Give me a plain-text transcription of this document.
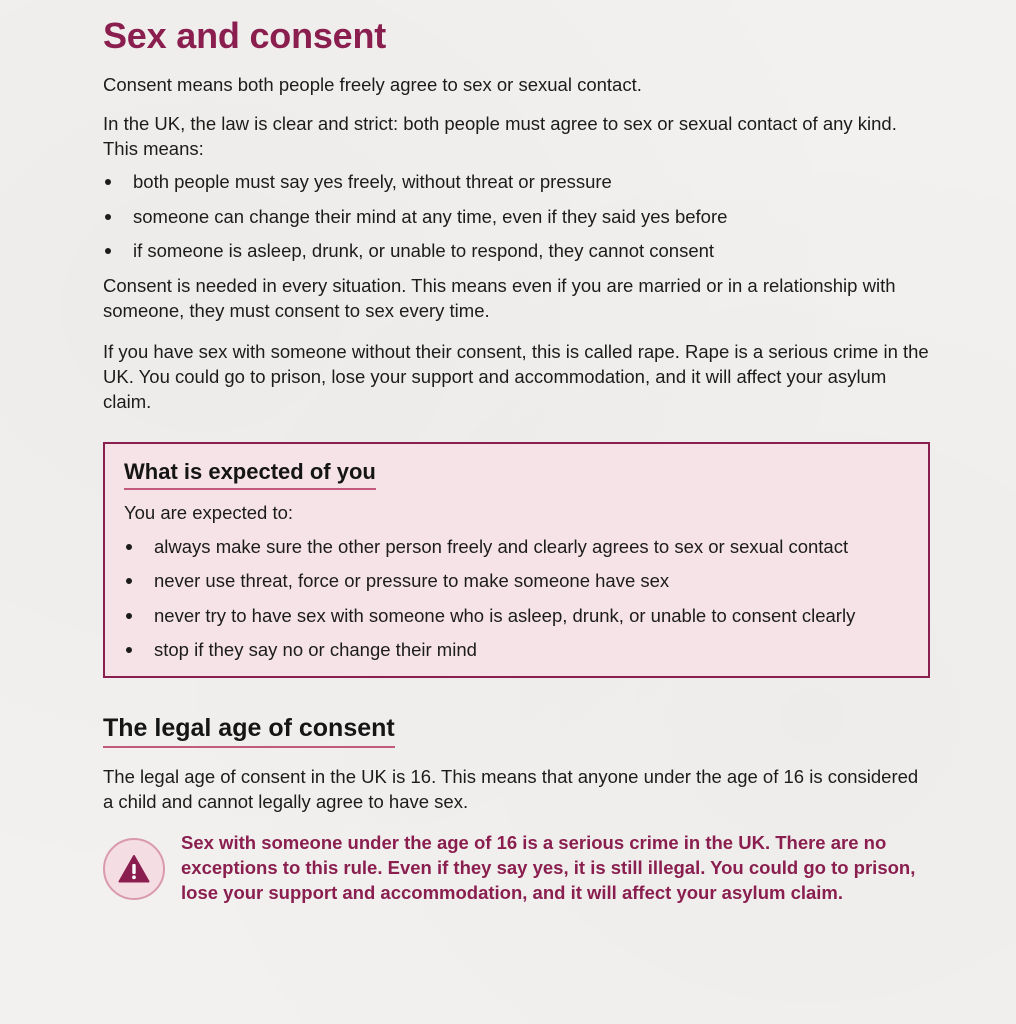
Sex and consent

Consent means both people freely agree to sex or sexual contact.

In the UK, the law is clear and strict: both people must agree to sex or sexual contact of any kind. This means:

both people must say yes freely, without threat or pressure
someone can change their mind at any time, even if they said yes before
if someone is asleep, drunk, or unable to respond, they cannot consent

Consent is needed in every situation. This means even if you are married or in a relationship with someone, they must consent to sex every time.

If you have sex with someone without their consent, this is called rape. Rape is a serious crime in the UK. You could go to prison, lose your support and accommodation, and it will affect your asylum claim.

What is expected of you

You are expected to:

always make sure the other person freely and clearly agrees to sex or sexual contact
never use threat, force or pressure to make someone have sex
never try to have sex with someone who is asleep, drunk, or unable to consent clearly
stop if they say no or change their mind
The legal age of consent

The legal age of consent in the UK is 16. This means that anyone under the age of 16 is considered a child and cannot legally agree to have sex.

Sex with someone under the age of 16 is a serious crime in the UK. There are no exceptions to this rule. Even if they say yes, it is still illegal. You could go to prison, lose your support and accommodation, and it will affect your asylum claim.
